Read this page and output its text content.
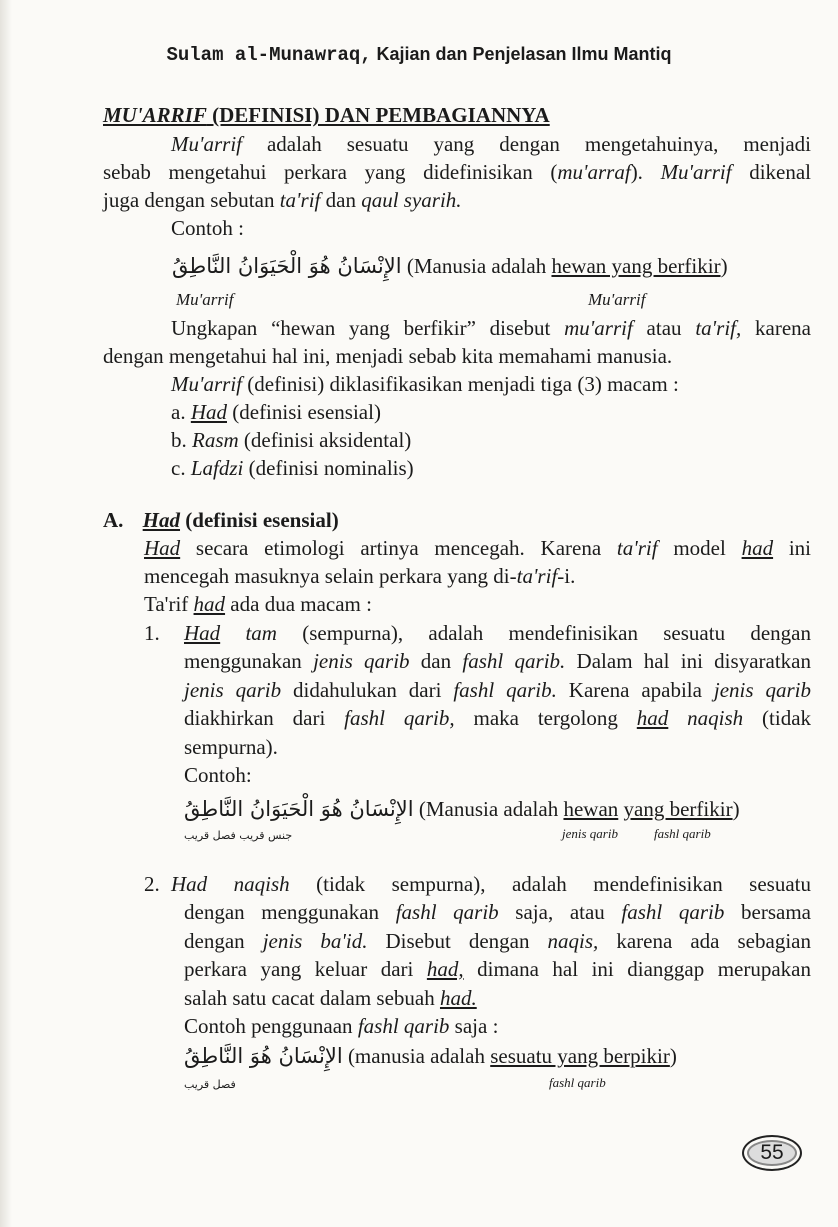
Sulam al-Munawraq, Kajian dan Penjelasan Ilmu Mantiq
MU'ARRIF (DEFINISI) DAN PEMBAGIANNYA
Mu'arrif adalah sesuatu yang dengan mengetahuinya, menjadi
sebab mengetahui perkara yang didefinisikan (mu'arraf). Mu'arrif dikenal
juga dengan sebutan ta'rif dan qaul syarih.
Contoh :
الإِنْسَانُ هُوَ الْحَيَوَانُ النَّاطِقُ (Manusia adalah hewan yang berfikir)
Mu'arrif	Mu'arrif
Ungkapan “hewan yang berfikir” disebut mu'arrif atau ta'rif, karena
dengan mengetahui hal ini, menjadi sebab kita memahami manusia.
Mu'arrif (definisi) diklasifikasikan menjadi tiga (3) macam :
a. Had (definisi esensial)
b. Rasm (definisi aksidental)
c. Lafdzi (definisi nominalis)
A. Had (definisi esensial)
Had secara etimologi artinya mencegah. Karena ta'rif model had ini
mencegah masuknya selain perkara yang di-ta'rif-i.
Ta'rif had ada dua macam :
1. Had tam (sempurna), adalah mendefinisikan sesuatu dengan
menggunakan jenis qarib dan fashl qarib. Dalam hal ini disyaratkan
jenis qarib didahulukan dari fashl qarib. Karena apabila jenis qarib
diakhirkan dari fashl qarib, maka tergolong had naqish (tidak
sempurna).
Contoh:
الإِنْسَانُ هُوَ الْحَيَوَانُ النَّاطِقُ (Manusia adalah hewan yang berfikir)
جنس قريب فصل قريب	jenis qarib	fashl qarib
2. Had naqish (tidak sempurna), adalah mendefinisikan sesuatu
dengan menggunakan fashl qarib saja, atau fashl qarib bersama
dengan jenis ba'id. Disebut dengan naqis, karena ada sebagian
perkara yang keluar dari had, dimana hal ini dianggap merupakan
salah satu cacat dalam sebuah had.
Contoh penggunaan fashl qarib saja :
الإِنْسَانُ هُوَ النَّاطِقُ (manusia adalah sesuatu yang berpikir)
فصل قريب	fashl qarib
55
